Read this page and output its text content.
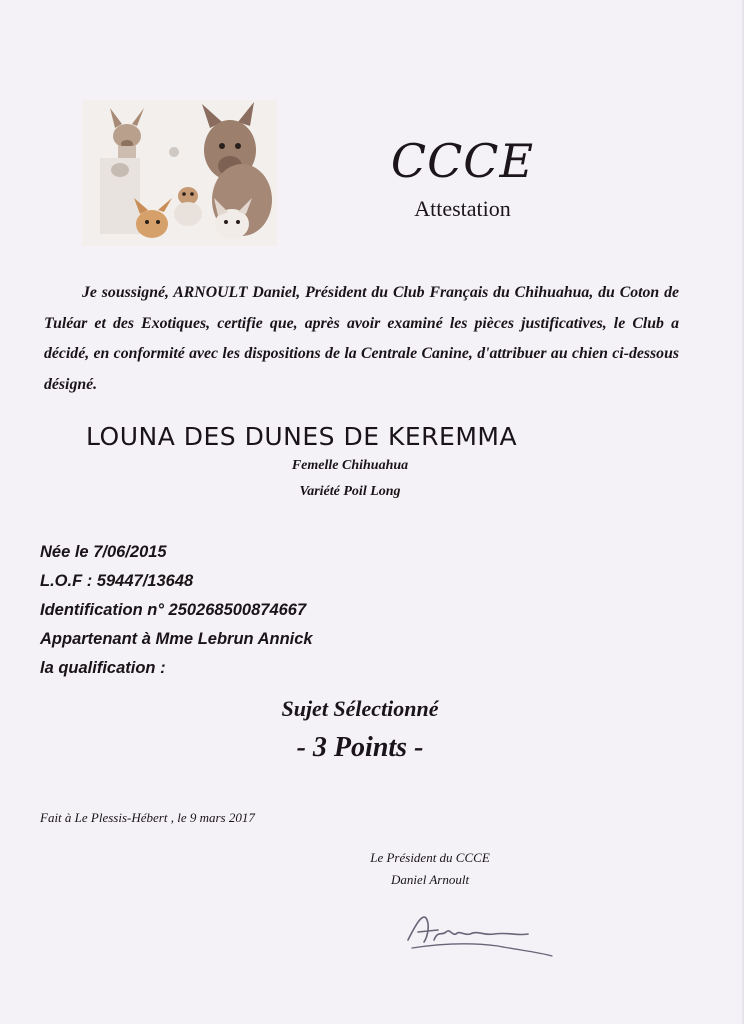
CCCE
Attestation
Je soussigné, ARNOULT Daniel, Président du Club Français du Chihuahua, du Coton de Tuléar et des Exotiques, certifie que, après avoir examiné les pièces justificatives, le Club a décidé, en conformité avec les dispositions de la Centrale Canine, d'attribuer au chien ci-dessous désigné.
LOUNA DES DUNES DE KEREMMA
Femelle Chihuahua
Variété Poil Long
Née le 7/06/2015
L.O.F : 59447/13648
Identification n° 250268500874667
Appartenant à Mme Lebrun Annick
la qualification :
Sujet Sélectionné
- 3 Points -
Fait à Le Plessis-Hébert , le 9 mars 2017
Le Président du CCCE
Daniel Arnoult
